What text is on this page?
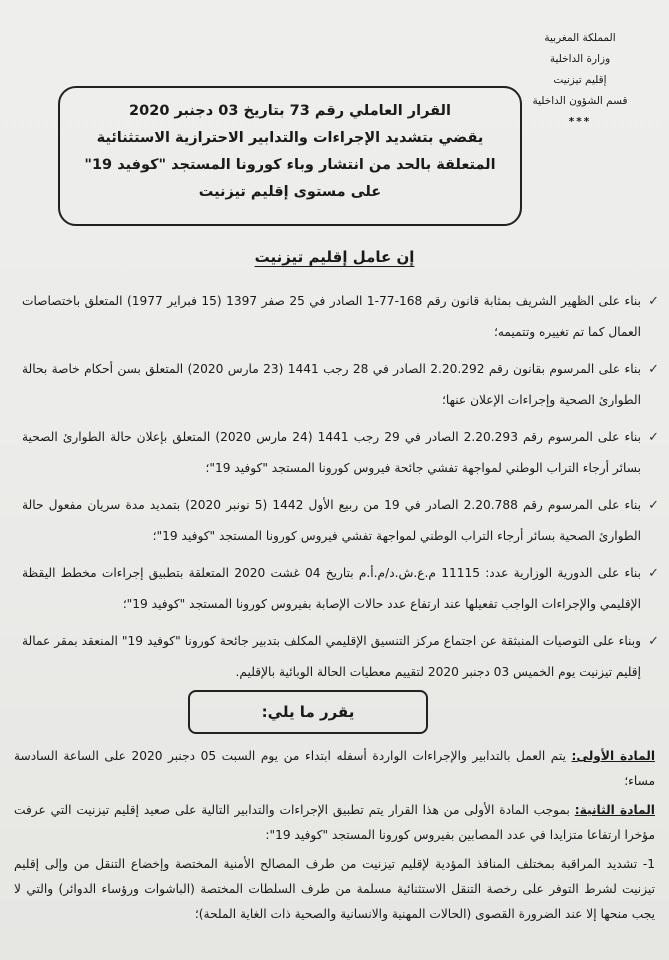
المملكة المغربية
وزارة الداخلية
إقليم تيزنيت
قسم الشؤون الداخلية
***
القرار العاملي رقم 73 بتاريخ 03 دجنبر 2020
يقضي بتشديد الإجراءات والتدابير الاحترازية الاستثنائية
المتعلقة بالحد من انتشار وباء كورونا المستجد "كوفيد 19"
على مستوى إقليم تيزنيت
إن عامل إقليم تيزنيت

✓
بناء على الظهير الشريف بمثابة قانون رقم 168-77-1 الصادر في 25 صفر 1397 (15 فبراير 1977) المتعلق باختصاصات العمال كما تم تغييره وتتميمه؛

✓
بناء على المرسوم بقانون رقم 2.20.292 الصادر في 28 رجب 1441 (23 مارس 2020) المتعلق بسن أحكام خاصة بحالة الطوارئ الصحية وإجراءات الإعلان عنها؛

✓
بناء على المرسوم رقم 2.20.293 الصادر في 29 رجب 1441 (24 مارس 2020) المتعلق بإعلان حالة الطوارئ الصحية بسائر أرجاء التراب الوطني لمواجهة تفشي جائحة فيروس كورونا المستجد "كوفيد 19"؛

✓
بناء على المرسوم رقم 2.20.788 الصادر في 19 من ربيع الأول 1442 (5 نونبر 2020) بتمديد مدة سريان مفعول حالة الطوارئ الصحية بسائر أرجاء التراب الوطني لمواجهة تفشي فيروس كورونا المستجد "كوفيد 19"؛

✓
بناء على الدورية الوزارية عدد: 11115 م.ع.ش.د/م.أ.م بتاريخ 04 غشت 2020 المتعلقة بتطبيق إجراءات مخطط اليقظة الإقليمي والإجراءات الواجب تفعيلها عند ارتفاع عدد حالات الإصابة بفيروس كورونا المستجد "كوفيد 19"؛

✓
وبناء على التوصيات المنبثقة عن اجتماع مركز التنسيق الإقليمي المكلف بتدبير جائحة كورونا "كوفيد 19" المنعقد بمقر عمالة إقليم تيزنيت يوم الخميس 03 دجنبر 2020 لتقييم معطيات الحالة الوبائية بالإقليم.

يقرر ما يلي:

المادة الأولى: يتم العمل بالتدابير والإجراءات الواردة أسفله ابتداء من يوم السبت 05 دجنبر 2020 على الساعة السادسة مساء؛

المادة الثانية: بموجب المادة الأولى من هذا القرار يتم تطبيق الإجراءات والتدابير التالية على صعيد إقليم تيزنيت التي عرفت مؤخرا ارتفاعا متزايدا في عدد المصابين بفيروس كورونا المستجد "كوفيد 19":

1- تشديد المراقبة بمختلف المنافذ المؤدية لإقليم تيزنيت من طرف المصالح الأمنية المختصة وإخضاع التنقل من وإلى إقليم تيزنيت لشرط التوفر على رخصة التنقل الاستثنائية مسلمة من طرف السلطات المختصة (الباشوات ورؤساء الدوائر) والتي لا يجب منحها إلا عند الضرورة القصوى (الحالات المهنية والانسانية والصحية ذات الغاية الملحة)؛
